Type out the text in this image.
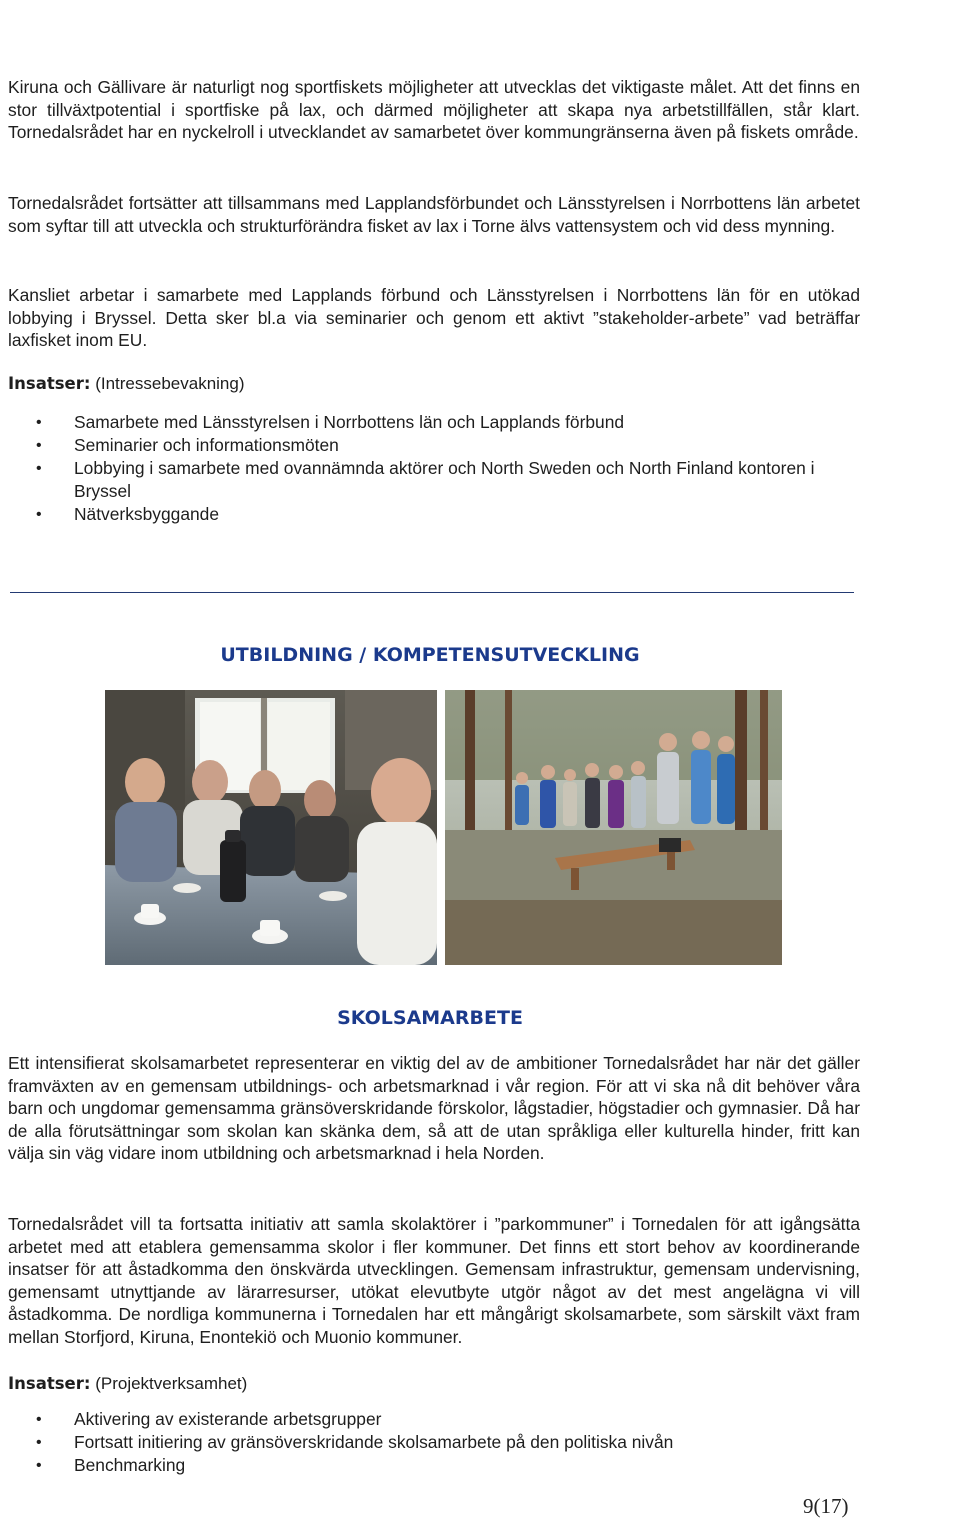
Kiruna och Gällivare är naturligt nog sportfiskets möjligheter att utvecklas det viktigaste målet. Att det finns en stor tillväxtpotential i sportfiske på lax, och därmed möjligheter att skapa nya arbetstillfällen, står klart. Tornedalsrådet har en nyckelroll i utvecklandet av samarbetet över kommungränserna även på fiskets område.

Tornedalsrådet fortsätter att tillsammans med Lapplandsförbundet och Länsstyrelsen i Norrbottens län arbetet som syftar till att utveckla och strukturförändra fisket av lax i Torne älvs vattensystem och vid dess mynning.

Kansliet arbetar i samarbete med Lapplands förbund och Länsstyrelsen i Norrbottens län för en utökad lobbying i Bryssel. Detta sker bl.a via seminarier och genom ett aktivt ”stakeholder-arbete” vad beträffar laxfisket inom EU.

Insatser: (Intressebevakning)

• Samarbete med Länsstyrelsen i Norrbottens län och Lapplands förbund
• Seminarier och informationsmöten
• Lobbying i samarbete med ovannämnda aktörer och North Sweden och North Finland kontoren i Bryssel
• Nätverksbyggande
UTBILDNING / KOMPETENSUTVECKLING
SKOLSAMARBETE

Ett intensifierat skolsamarbetet representerar en viktig del av de ambitioner Tornedalsrådet har när det gäller framväxten av en gemensam utbildnings- och arbetsmarknad i vår region. För att vi ska nå dit behöver våra barn och ungdomar gemensamma gränsöverskridande förskolor, lågstadier, högstadier och gymnasier. Då har de alla förutsättningar som skolan kan skänka dem, så att de utan språkliga eller kulturella hinder, fritt kan välja sin väg vidare inom utbildning och arbetsmarknad i hela Norden.

Tornedalsrådet vill ta fortsatta initiativ att samla skolaktörer i ”parkommuner” i Tornedalen för att igångsätta arbetet med att etablera gemensamma skolor i fler kommuner. Det finns ett stort behov av koordinerande insatser för att åstadkomma den önskvärda utvecklingen. Gemensam infrastruktur, gemensam undervisning, gemensamt utnyttjande av lärarresurser, utökat elevutbyte utgör något av det mest angelägna vi vill åstadkomma. De nordliga kommunerna i Tornedalen har ett mångårigt skolsamarbete, som särskilt växt fram mellan Storfjord, Kiruna, Enontekiö och Muonio kommuner.

Insatser: (Projektverksamhet)

• Aktivering av existerande arbetsgrupper
• Fortsatt initiering av gränsöverskridande skolsamarbete på den politiska nivån
• Benchmarking

9(17)
